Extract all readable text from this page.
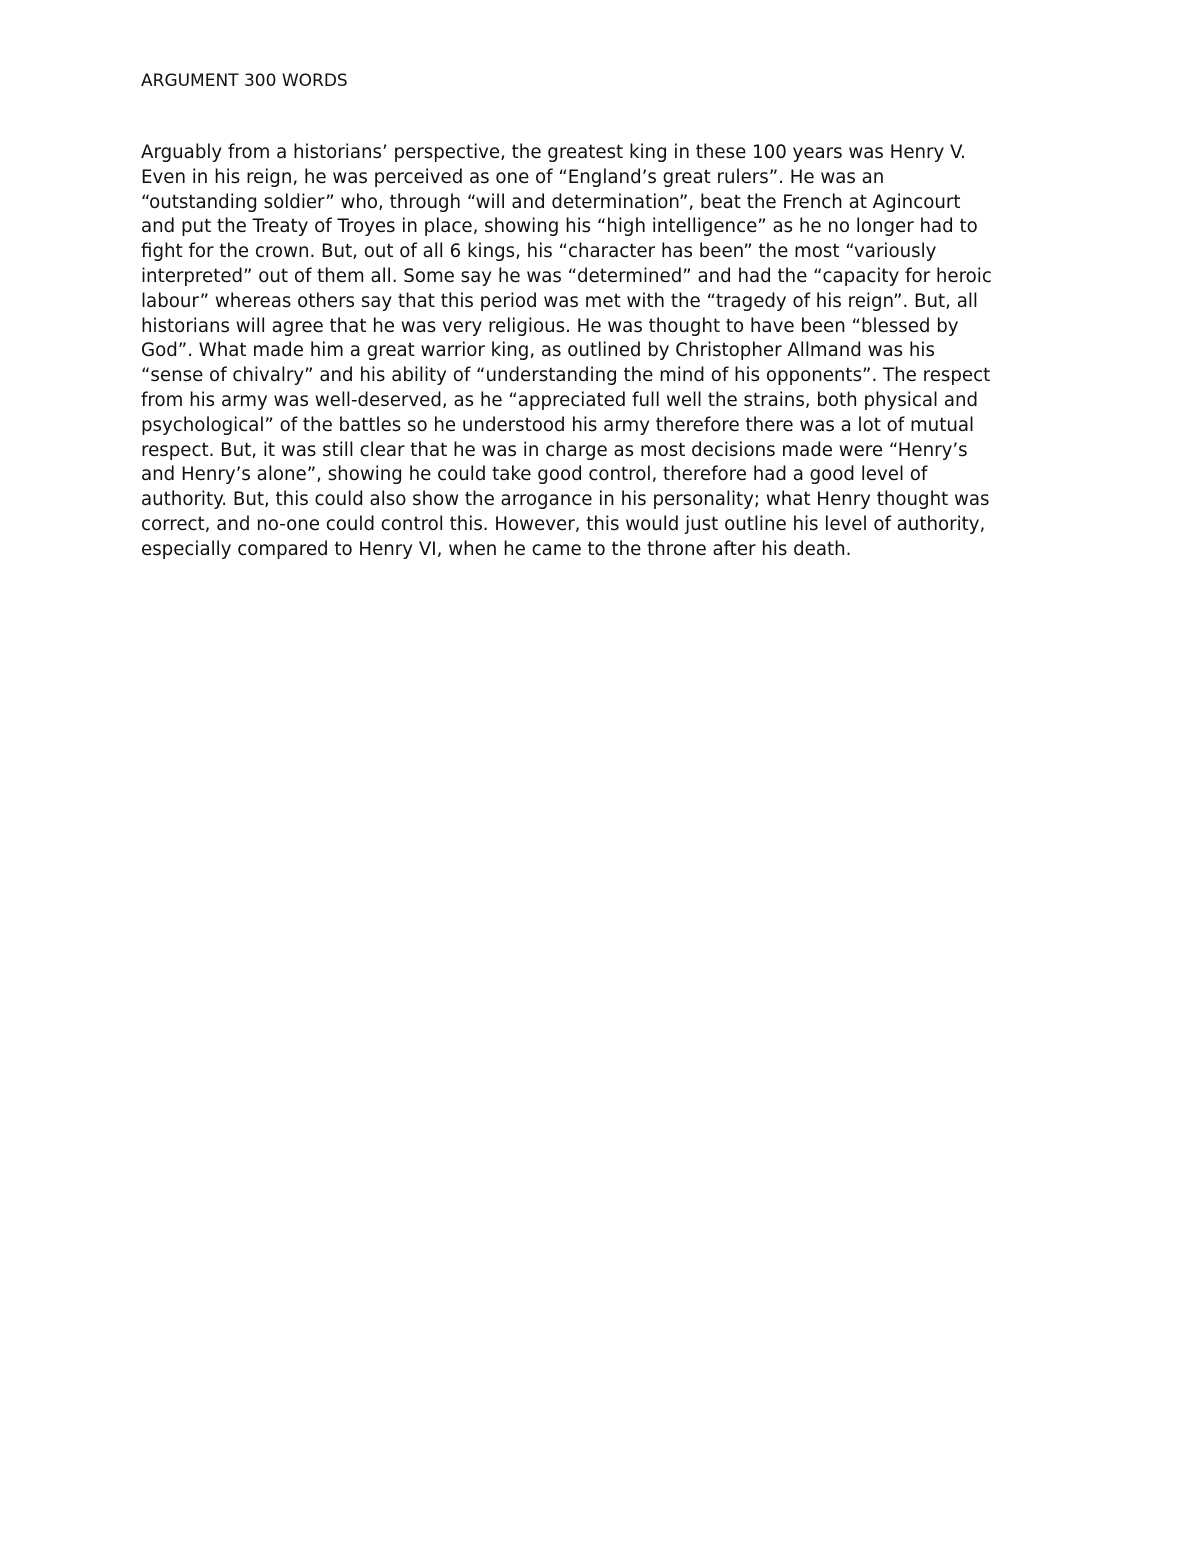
ARGUMENT 300 WORDS
Arguably from a historians’ perspective, the greatest king in these 100 years was Henry V.
Even in his reign, he was perceived as one of “England’s great rulers”. He was an
“outstanding soldier” who, through “will and determination”, beat the French at Agincourt
and put the Treaty of Troyes in place, showing his “high intelligence” as he no longer had to
fight for the crown. But, out of all 6 kings, his “character has been” the most “variously
interpreted” out of them all. Some say he was “determined” and had the “capacity for heroic
labour” whereas others say that this period was met with the “tragedy of his reign”. But, all
historians will agree that he was very religious. He was thought to have been “blessed by
God”. What made him a great warrior king, as outlined by Christopher Allmand was his
“sense of chivalry” and his ability of “understanding the mind of his opponents”. The respect
from his army was well-deserved, as he “appreciated full well the strains, both physical and
psychological” of the battles so he understood his army therefore there was a lot of mutual
respect. But, it was still clear that he was in charge as most decisions made were “Henry’s
and Henry’s alone”, showing he could take good control, therefore had a good level of
authority. But, this could also show the arrogance in his personality; what Henry thought was
correct, and no-one could control this. However, this would just outline his level of authority,
especially compared to Henry VI, when he came to the throne after his death.
